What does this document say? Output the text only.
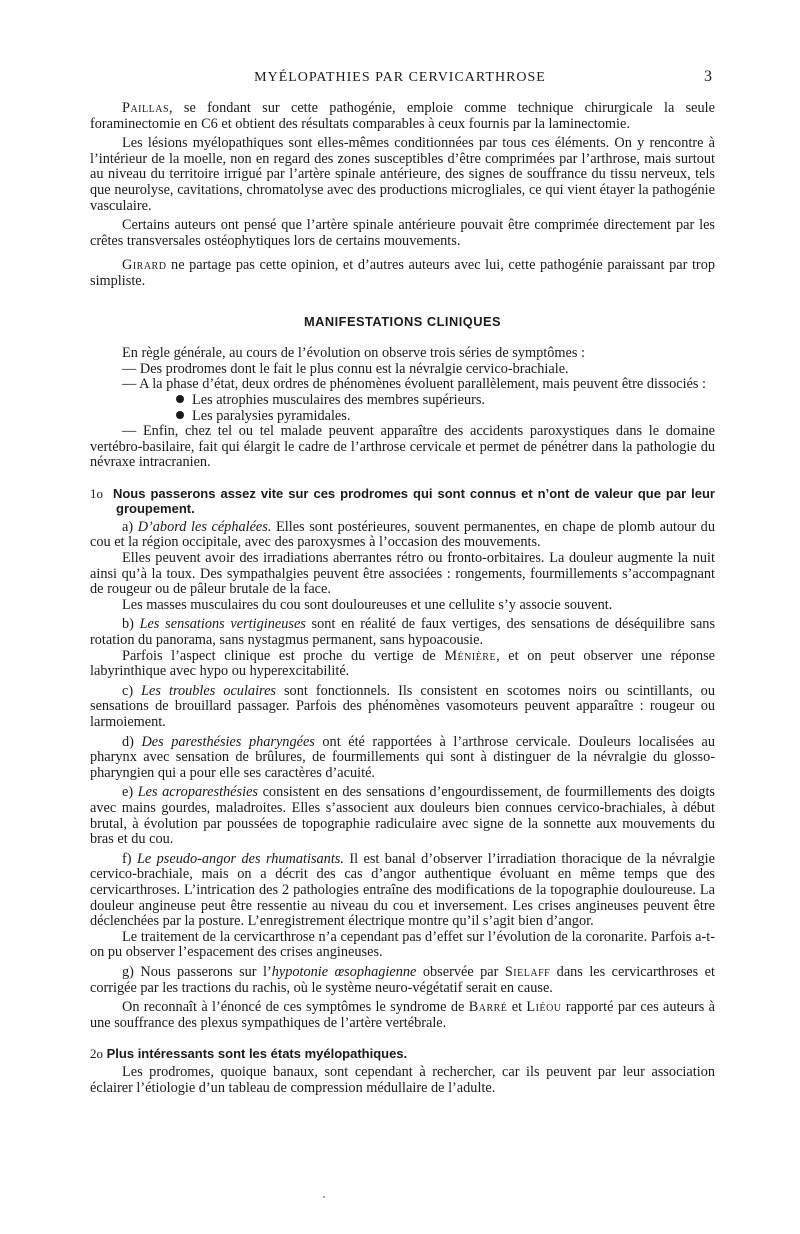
MYÉLOPATHIES PAR CERVICARTHROSE	3

Paillas, se fondant sur cette pathogénie, emploie comme technique chirurgicale la seule foraminectomie en C6 et obtient des résultats comparables à ceux fournis par la laminectomie.

Les lésions myélopathiques sont elles-mêmes conditionnées par tous ces éléments. On y rencontre à l’intérieur de la moelle, non en regard des zones susceptibles d’être comprimées par l’arthrose, mais surtout au niveau du territoire irrigué par l’artère spinale antérieure, des signes de souffrance du tissu nerveux, tels que neurolyse, cavitations, chromatolyse avec des productions microgliales, ce qui vient étayer la pathogénie vasculaire.

Certains auteurs ont pensé que l’artère spinale antérieure pouvait être comprimée directement par les crêtes transversales ostéophytiques lors de certains mouvements.

Girard ne partage pas cette opinion, et d’autres auteurs avec lui, cette pathogénie paraissant par trop simpliste.

MANIFESTATIONS CLINIQUES

En règle générale, au cours de l’évolution on observe trois séries de symptômes :

— Des prodromes dont le fait le plus connu est la névralgie cervico-brachiale.

— A la phase d’état, deux ordres de phénomènes évoluent parallèlement, mais peuvent être dissociés :

Les atrophies musculaires des membres supérieurs.

Les paralysies pyramidales.

— Enfin, chez tel ou tel malade peuvent apparaître des accidents paroxystiques dans le domaine vertébro-basilaire, fait qui élargit le cadre de l’arthrose cervicale et permet de pénétrer dans la pathologie du névraxe intracranien.

1o Nous passerons assez vite sur ces prodromes qui sont connus et n’ont de valeur que par leur groupement.

a) D’abord les céphalées. Elles sont postérieures, souvent permanentes, en chape de plomb autour du cou et la région occipitale, avec des paroxysmes à l’occasion des mouvements.

Elles peuvent avoir des irradiations aberrantes rétro ou fronto-orbitaires. La douleur augmente la nuit ainsi qu’à la toux. Des sympathalgies peuvent être associées : rongements, fourmillements s’accompagnant de rougeur ou de pâleur brutale de la face.

Les masses musculaires du cou sont douloureuses et une cellulite s’y associe souvent.

b) Les sensations vertigineuses sont en réalité de faux vertiges, des sensations de déséquilibre sans rotation du panorama, sans nystagmus permanent, sans hypoacousie.

Parfois l’aspect clinique est proche du vertige de Ménière, et on peut observer une réponse labyrinthique avec hypo ou hyperexcitabilité.

c) Les troubles oculaires sont fonctionnels. Ils consistent en scotomes noirs ou scintillants, ou sensations de brouillard passager. Parfois des phénomènes vasomoteurs peuvent apparaître : rougeur ou larmoiement.

d) Des paresthésies pharyngées ont été rapportées à l’arthrose cervicale. Douleurs localisées au pharynx avec sensation de brûlures, de fourmillements qui sont à distinguer de la névralgie du glosso-pharyngien qui a pour elle ses caractères d’acuité.

e) Les acroparesthésies consistent en des sensations d’engourdissement, de fourmillements des doigts avec mains gourdes, maladroites. Elles s’associent aux douleurs bien connues cervico-brachiales, à début brutal, à évolution par poussées de topographie radiculaire avec signe de la sonnette aux mouvements du bras et du cou.

f) Le pseudo-angor des rhumatisants. Il est banal d’observer l’irradiation thoracique de la névralgie cervico-brachiale, mais on a décrit des cas d’angor authentique évoluant en même temps que des cervicarthroses. L’intrication des 2 pathologies entraîne des modifications de la topographie douloureuse. La douleur angineuse peut être ressentie au niveau du cou et inversement. Les crises angineuses peuvent être déclenchées par la posture. L’enregistrement électrique montre qu’il s’agit bien d’angor.

Le traitement de la cervicarthrose n’a cependant pas d’effet sur l’évolution de la coronarite. Parfois a-t-on pu observer l’espacement des crises angineuses.

g) Nous passerons sur l’hypotonie œsophagienne observée par Sielaff dans les cervicarthroses et corrigée par les tractions du rachis, où le système neuro-végétatif serait en cause.

On reconnaît à l’énoncé de ces symptômes le syndrome de Barré et Liéou rapporté par ces auteurs à une souffrance des plexus sympathiques de l’artère vertébrale.

2o Plus intéressants sont les états myélopathiques.

Les prodromes, quoique banaux, sont cependant à rechercher, car ils peuvent par leur association éclairer l’étiologie d’un tableau de compression médullaire de l’adulte.
